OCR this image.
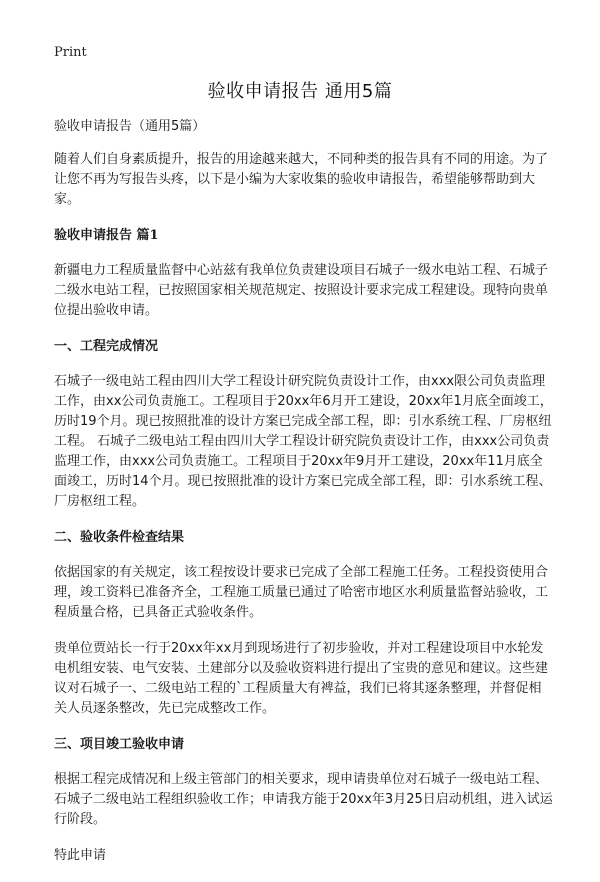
Print
验收申请报告 通用5篇

验收申请报告（通用5篇）

随着人们自身素质提升，报告的用途越来越大，不同种类的报告具有不同的用途。为了让您不再为写报告头疼，以下是小编为大家收集的验收申请报告，希望能够帮助到大家。

验收申请报告 篇1

新疆电力工程质量监督中心站兹有我单位负责建设项目石城子一级水电站工程、石城子二级水电站工程，已按照国家相关规范规定、按照设计要求完成工程建设。现特向贵单位提出验收申请。

一、工程完成情况

石城子一级电站工程由四川大学工程设计研究院负责设计工作，由xxx限公司负责监理工作，由xx公司负责施工。工程项目于20xx年6月开工建设，20xx年1月底全面竣工，历时19个月。现已按照批准的设计方案已完成全部工程，即：引水系统工程、厂房枢纽工程。 石城子二级电站工程由四川大学工程设计研究院负责设计工作，由xxx公司负责监理工作，由xxx公司负责施工。工程项目于20xx年9月开工建设，20xx年11月底全面竣工，历时14个月。现已按照批准的设计方案已完成全部工程，即：引水系统工程、厂房枢纽工程。

二、验收条件检查结果

依据国家的有关规定，该工程按设计要求已完成了全部工程施工任务。工程投资使用合理，竣工资料已准备齐全，工程施工质量已通过了哈密市地区水利质量监督站验收，工程质量合格，已具备正式验收条件。

贵单位贾站长一行于20xx年xx月到现场进行了初步验收，并对工程建设项目中水轮发电机组安装、电气安装、土建部分以及验收资料进行提出了宝贵的意见和建议。这些建议对石城子一、二级电站工程的`工程质量大有裨益，我们已将其逐条整理，并督促相关人员逐条整改，先已完成整改工作。

三、项目竣工验收申请

根据工程完成情况和上级主管部门的相关要求，现申请贵单位对石城子一级电站工程、石城子二级电站工程组织验收工作；申请我方能于20xx年3月25日启动机组，进入试运行阶段。

特此申请
